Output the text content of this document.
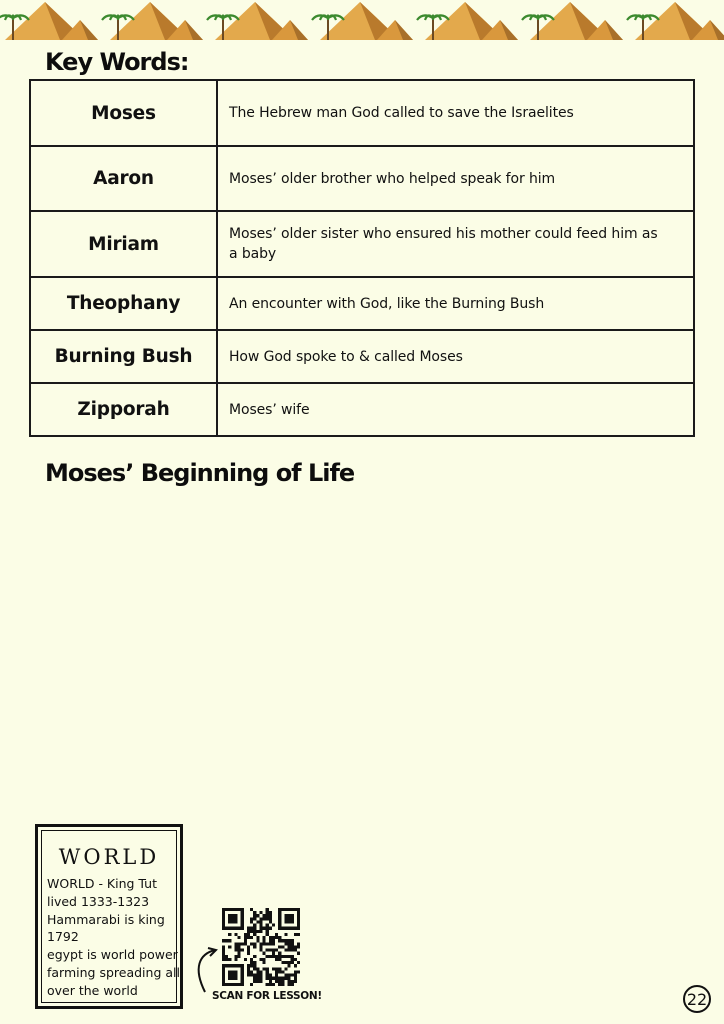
Key Words:
Moses	The Hebrew man God called to save the Israelites
Aaron	Moses’ older brother who helped speak for him
Miriam	Moses’ older sister who ensured his mother could feed him as a baby
Theophany	An encounter with God, like the Burning Bush
Burning Bush	How God spoke to & called Moses
Zipporah	Moses’ wife
Moses’ Beginning of Life
WORLD
WORLD - King Tut
lived 1333-1323
Hammarabi is king
1792
egypt is world power
farming spreading all
over the world	SCAN FOR LESSON!	22
